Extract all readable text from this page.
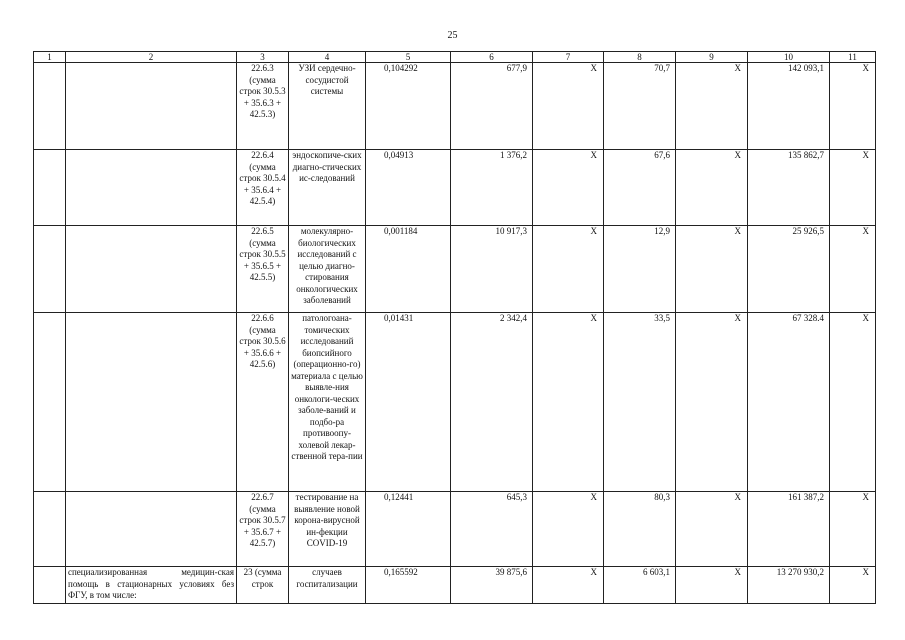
25
1	2	3	4	5	6	7	8	9	10	11
		22.6.3 (сумма строк 30.5.3 + 35.6.3 + 42.5.3)	УЗИ сердечно-сосудистой системы	0,104292	677,9	X	70,7	X	142 093,1	X
		22.6.4 (сумма строк 30.5.4 + 35.6.4 + 42.5.4)	эндоскопиче-ских диагно-стических ис-следований	0,04913	1 376,2	X	67,6	X	135 862,7	X
		22.6.5 (сумма строк 30.5.5 + 35.6.5 + 42.5.5)	молекулярно-биологических исследований с целью диагно-стирования онкологических заболеваний	0,001184	10 917,3	X	12,9	X	25 926,5	X
		22.6.6 (сумма строк 30.5.6 + 35.6.6 + 42.5.6)	патологоана-томических исследований биопсийного (операционно-го) материала с целью выявле-ния онкологи-ческих заболе-ваний и подбо-ра противоопу-холевой лекар-ственной тера-пии	0,01431	2 342,4	X	33,5	X	67 328.4	X
		22.6.7 (сумма строк 30.5.7 + 35.6.7 + 42.5.7)	тестирование на выявление новой корона-вирусной ин-фекции COVID-19	0,12441	645,3	X	80,3	X	161 387,2	X
	специализированная медицин-ская помощь в стационарных условиях без ФГУ, в том числе:	23 (сумма строк	случаев госпитализации	0,165592	39 875,6	X	6 603,1	X	13 270 930,2	X
